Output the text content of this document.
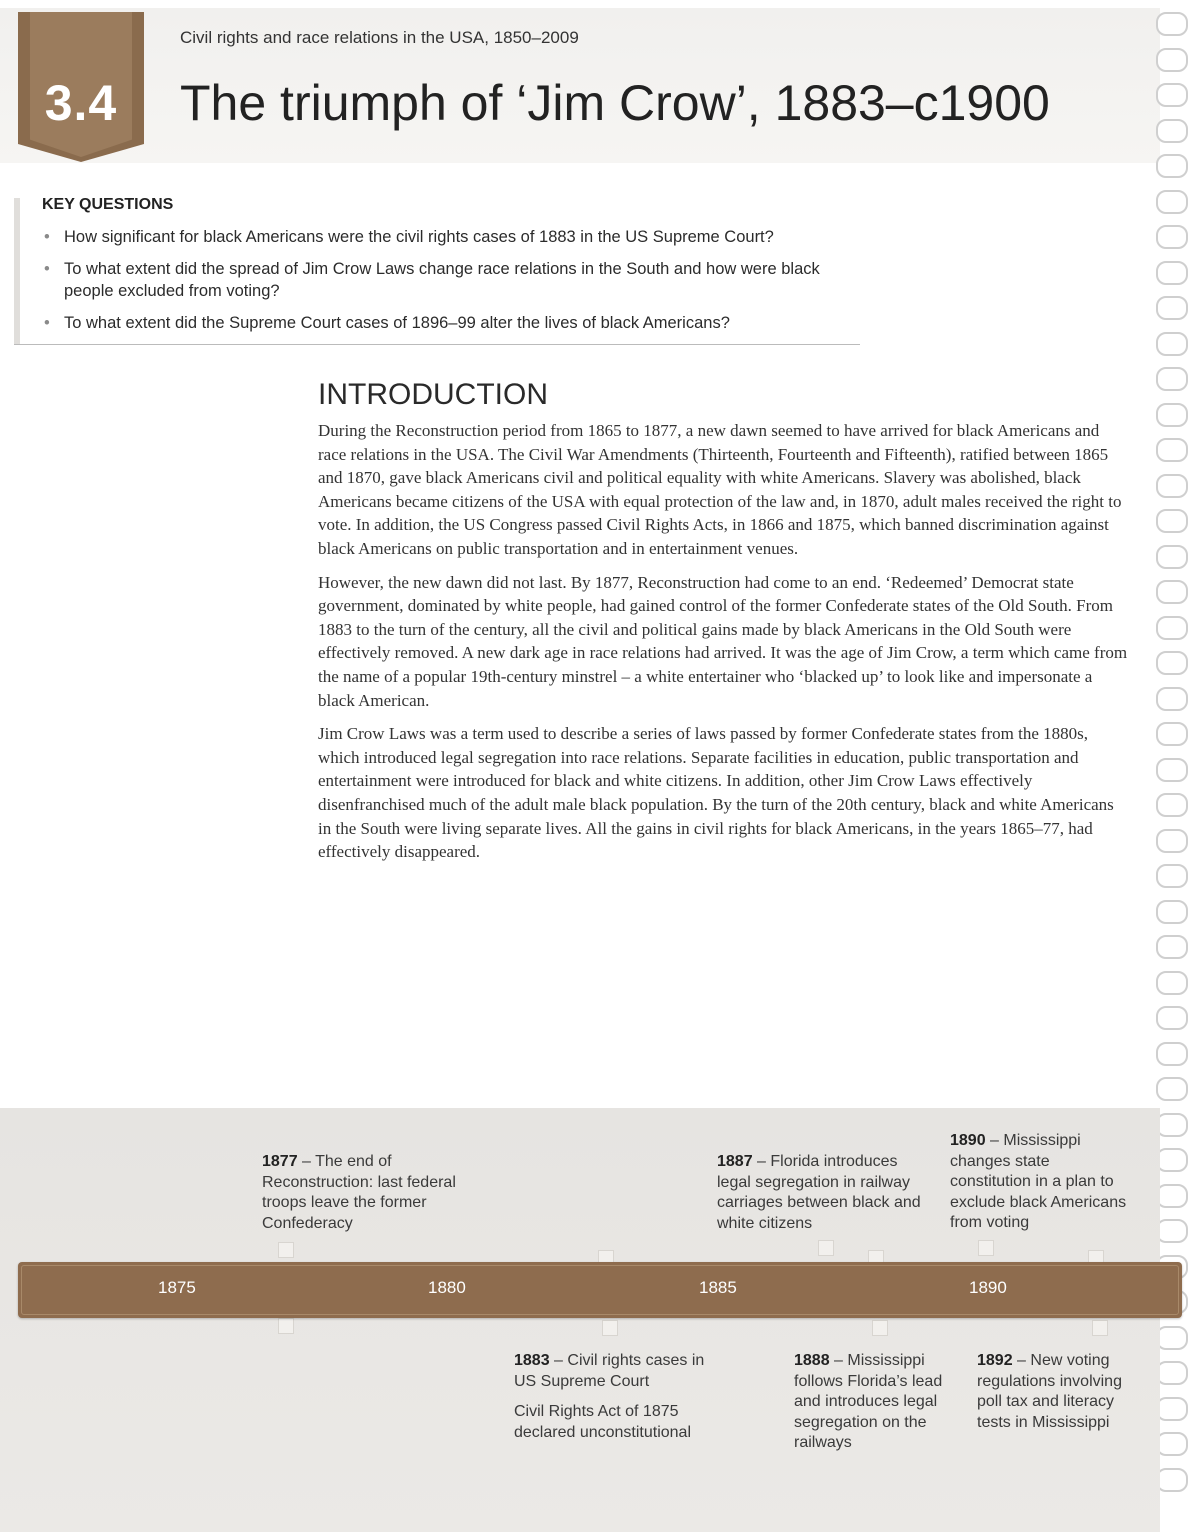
Civil rights and race relations in the USA, 1850–2009
3.4	The triumph of ‘Jim Crow’, 1883–c1900
KEY QUESTIONS
• How significant for black Americans were the civil rights cases of 1883 in the US Supreme Court?
• To what extent did the spread of Jim Crow Laws change race relations in the South and how were black people excluded from voting?
• To what extent did the Supreme Court cases of 1896–99 alter the lives of black Americans?
INTRODUCTION

During the Reconstruction period from 1865 to 1877, a new dawn seemed to have arrived for black Americans and race relations in the USA. The Civil War Amendments (Thirteenth, Fourteenth and Fifteenth), ratified between 1865 and 1870, gave black Americans civil and political equality with white Americans. Slavery was abolished, black Americans became citizens of the USA with equal protection of the law and, in 1870, adult males received the right to vote. In addition, the US Congress passed Civil Rights Acts, in 1866 and 1875, which banned discrimination against black Americans on public transportation and in entertainment venues.

However, the new dawn did not last. By 1877, Reconstruction had come to an end. ‘Redeemed’ Democrat state government, dominated by white people, had gained control of the former Confederate states of the Old South. From 1883 to the turn of the century, all the civil and political gains made by black Americans in the Old South were effectively removed. A new dark age in race relations had arrived. It was the age of Jim Crow, a term which came from the name of a popular 19th-century minstrel – a white entertainer who ‘blacked up’ to look like and impersonate a black American.

Jim Crow Laws was a term used to describe a series of laws passed by former Confederate states from the 1880s, which introduced legal segregation into race relations. Separate facilities in education, public transportation and entertainment were introduced for black and white citizens. In addition, other Jim Crow Laws effectively disenfranchised much of the adult male black population. By the turn of the 20th century, black and white Americans in the South were living separate lives. All the gains in civil rights for black Americans, in the years 1865–77, had effectively disappeared.

1875	1880	1885	1890
1877 – The end of Reconstruction: last federal troops leave the former Confederacy
1887 – Florida introduces legal segregation in railway carriages between black and white citizens
1890 – Mississippi changes state constitution in a plan to exclude black Americans from voting

1883 – Civil rights cases in US Supreme Court

Civil Rights Act of 1875 declared unconstitutional

1888 – Mississippi follows Florida’s lead and introduces legal segregation on the railways
1892 – New voting regulations involving poll tax and literacy tests in Mississippi
